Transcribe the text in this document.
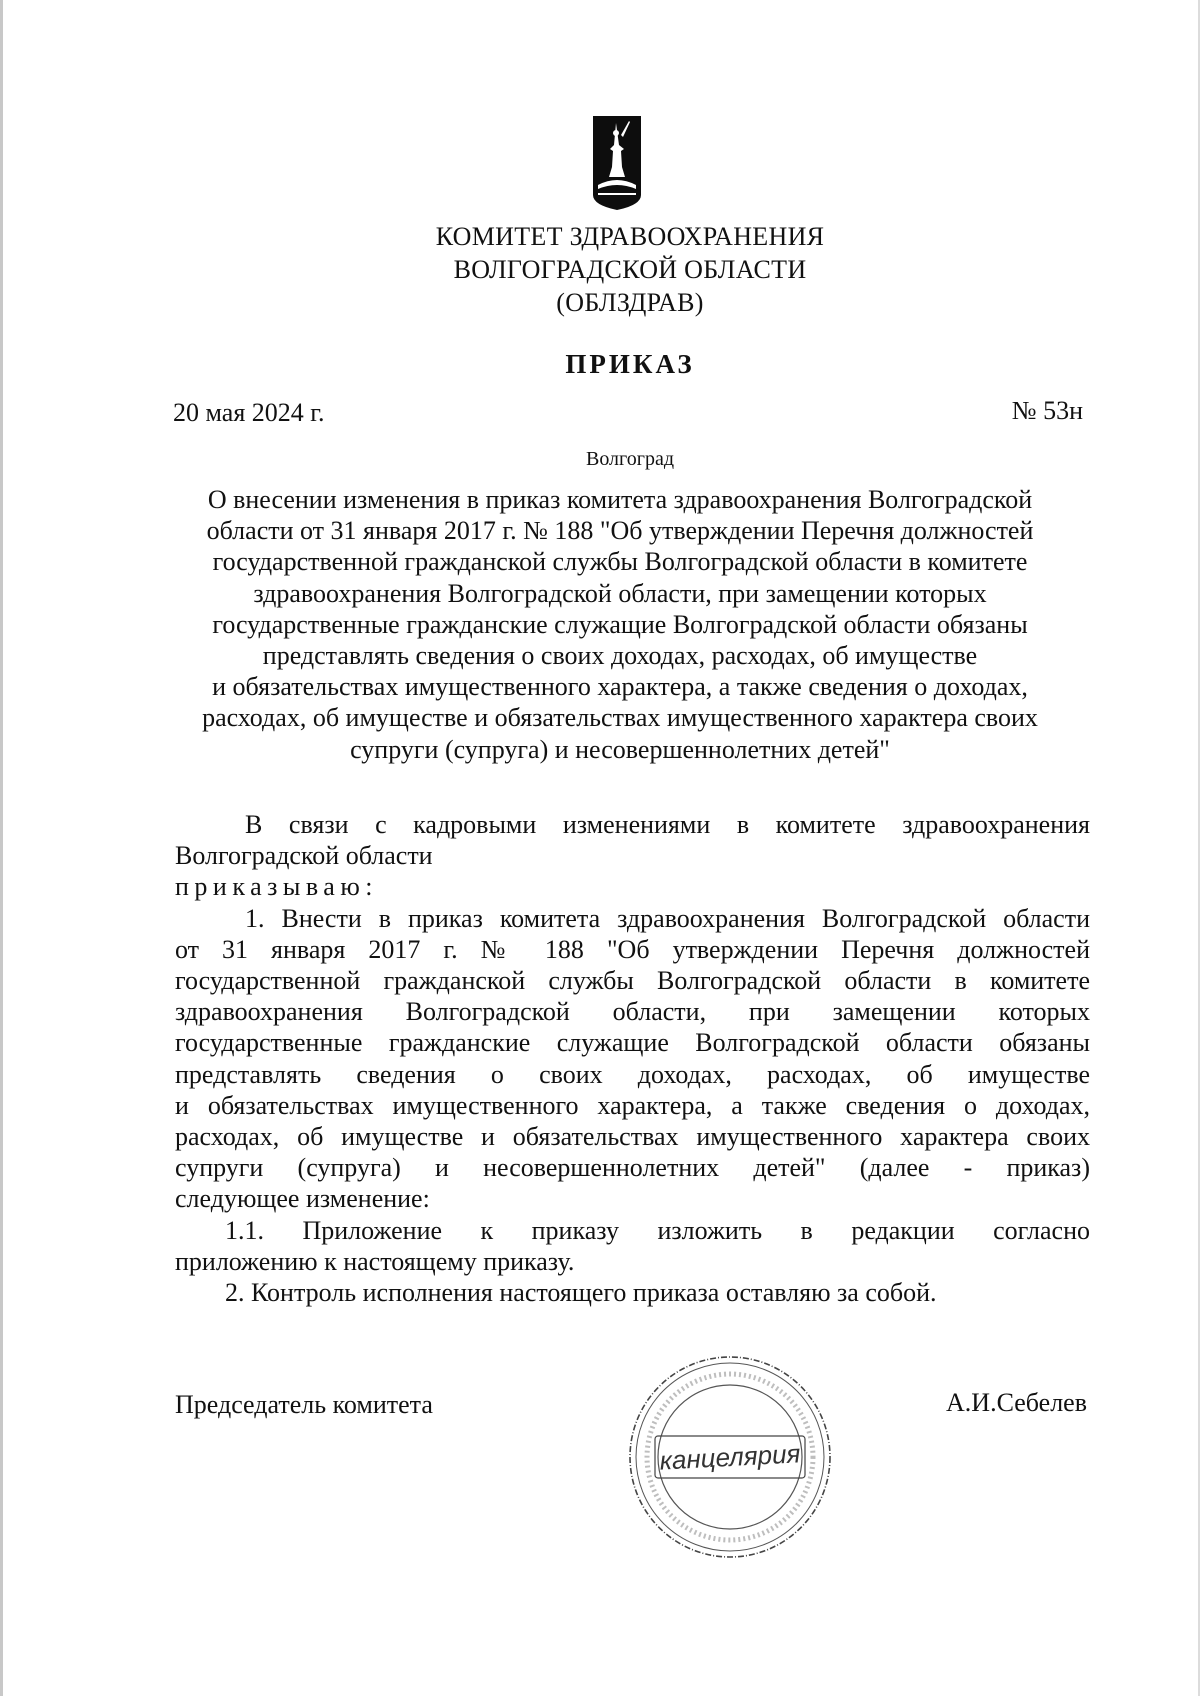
КОМИТЕТ ЗДРАВООХРАНЕНИЯ
ВОЛГОГРАДСКОЙ ОБЛАСТИ
(ОБЛЗДРАВ)
ПРИКАЗ
20 мая 2024 г.	№ 53н
Волгоград
О внесении изменения в приказ комитета здравоохранения Волгоградской
области от 31 января 2017 г. № 188 "Об утверждении Перечня должностей
государственной гражданской службы Волгоградской области в комитете
здравоохранения Волгоградской области, при замещении которых
государственные гражданские служащие Волгоградской области обязаны
представлять сведения о своих доходах, расходах, об имуществе
и обязательствах имущественного характера, а также сведения о доходах,
расходах, об имуществе и обязательствах имущественного характера своих
супруги (супруга) и несовершеннолетних детей"
В связи с кадровыми изменениями в комитете здравоохранения
Волгоградской области
приказываю:
1. Внести в приказ комитета здравоохранения Волгоградской области
от 31 января 2017 г. № 188 "Об утверждении Перечня должностей
государственной гражданской службы Волгоградской области в комитете
здравоохранения Волгоградской области, при замещении которых
государственные гражданские служащие Волгоградской области обязаны
представлять сведения о своих доходах, расходах, об имуществе
и обязательствах имущественного характера, а также сведения о доходах,
расходах, об имуществе и обязательствах имущественного характера своих
супруги (супруга) и несовершеннолетних детей" (далее - приказ)
следующее изменение:
1.1. Приложение к приказу изложить в редакции согласно
приложению к настоящему приказу.
2. Контроль исполнения настоящего приказа оставляю за собой.
Председатель комитета	А.И.Себелев
канцелярия
